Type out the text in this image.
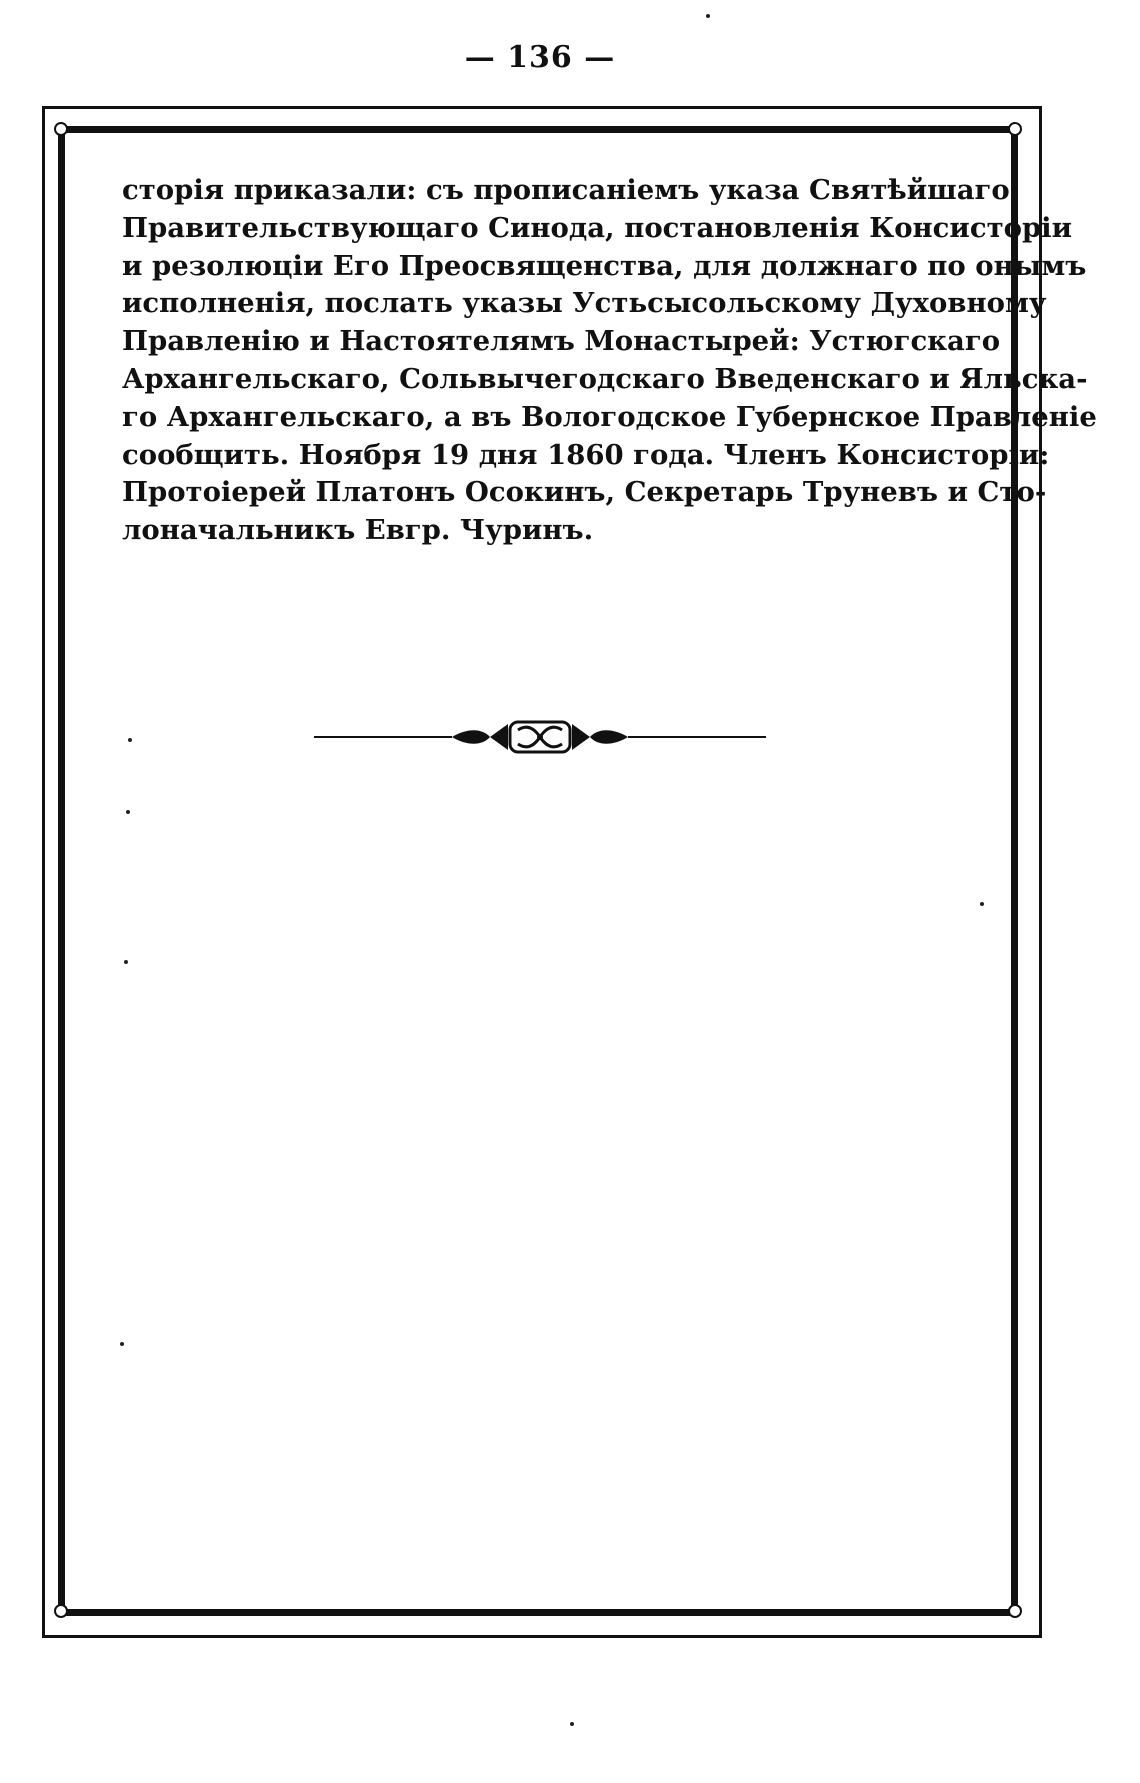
— 136 —
сторія приказали: съ прописаніемъ указа Святѣйшаго
Правительствующаго Синода, постановленія Консисторіи
и резолюціи Его Преосвященства, для должнаго по онымъ
исполненія, послать указы Устьсысольскому Духовному
Правленію и Настоятелямъ Монастырей: Устюгскаго
Архангельскаго, Сольвычегодскаго Введенскаго и Яльска-
го Архангельскаго, а въ Вологодское Губернское Правленіе
сообщить. Ноября 19 дня 1860 года. Членъ Консисторіи:
Протоіерей Платонъ Осокинъ, Секретарь Труневъ и Сто-
лоначальникъ Евгр. Чуринъ.
